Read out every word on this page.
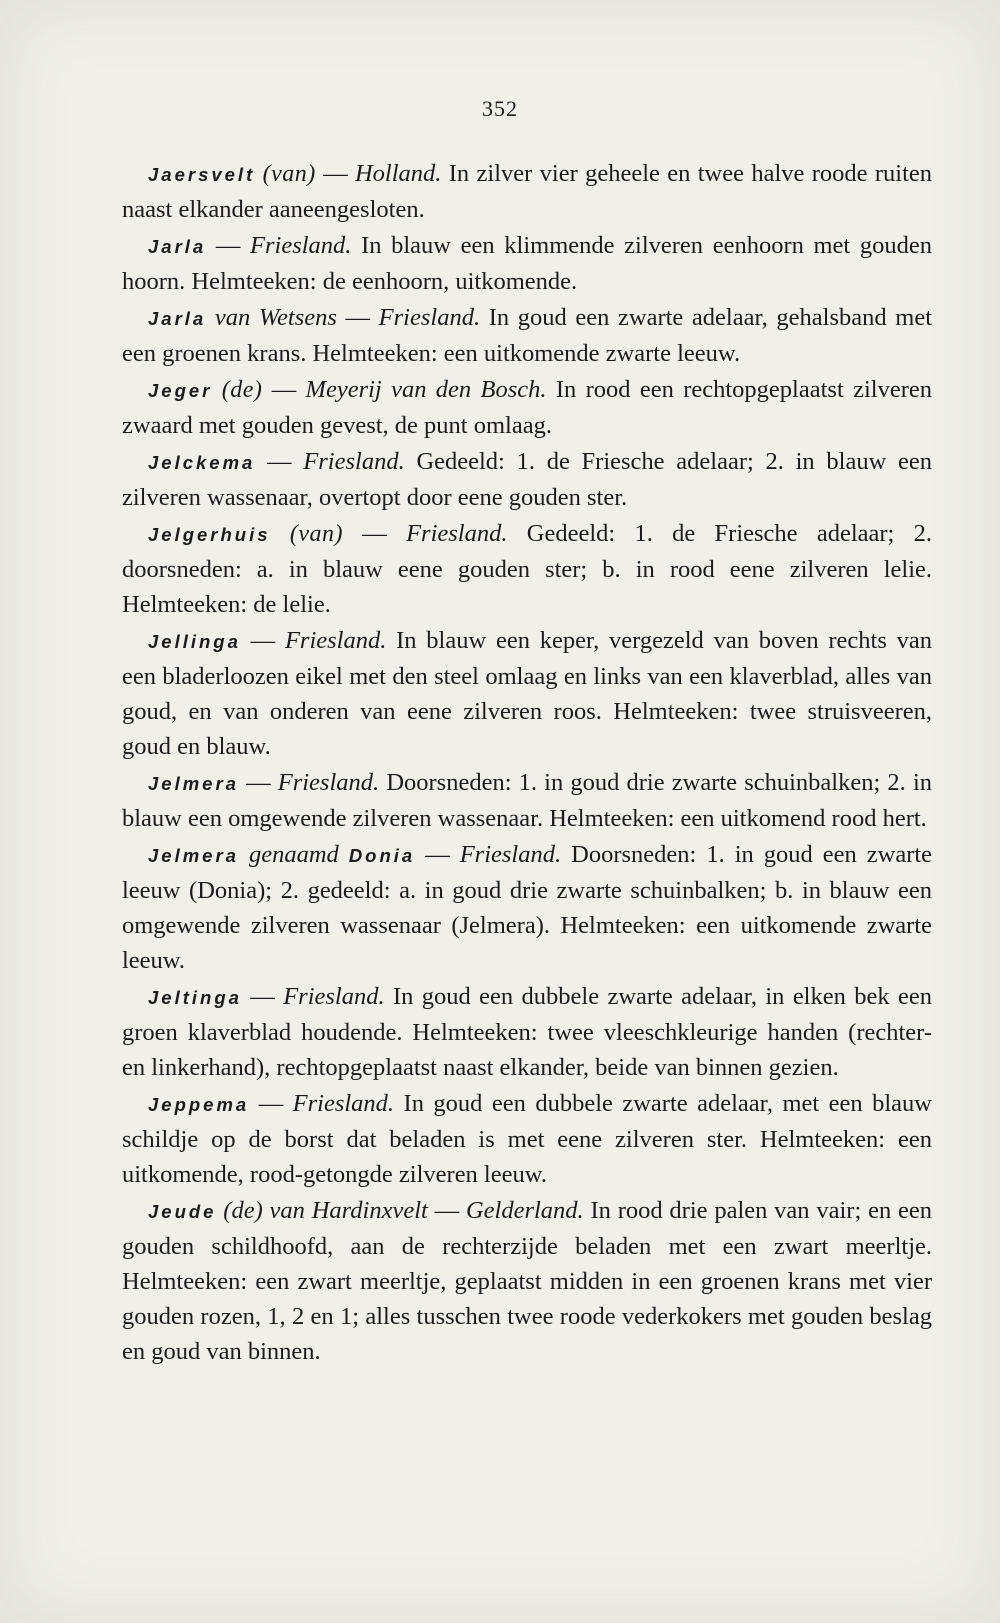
352

Jaersvelt (van) — Holland. In zilver vier geheele en twee halve roode ruiten naast elkander aaneengesloten.

Jarla — Friesland. In blauw een klimmende zilveren eenhoorn met gouden hoorn. Helmteeken: de eenhoorn, uitkomende.

Jarla van Wetsens — Friesland. In goud een zwarte adelaar, gehalsband met een groenen krans. Helmteeken: een uitkomende zwarte leeuw.

Jeger (de) — Meyerij van den Bosch. In rood een rechtopgeplaatst zilveren zwaard met gouden gevest, de punt omlaag.

Jelckema — Friesland. Gedeeld: 1. de Friesche adelaar; 2. in blauw een zilveren wassenaar, overtopt door eene gouden ster.

Jelgerhuis (van) — Friesland. Gedeeld: 1. de Friesche adelaar; 2. doorsneden: a. in blauw eene gouden ster; b. in rood eene zilveren lelie. Helmteeken: de lelie.

Jellinga — Friesland. In blauw een keper, vergezeld van boven rechts van een bladerloozen eikel met den steel omlaag en links van een klaverblad, alles van goud, en van onderen van eene zilveren roos. Helmteeken: twee struisveeren, goud en blauw.

Jelmera — Friesland. Doorsneden: 1. in goud drie zwarte schuinbalken; 2. in blauw een omgewende zilveren wassenaar. Helmteeken: een uitkomend rood hert.

Jelmera genaamd Donia — Friesland. Doorsneden: 1. in goud een zwarte leeuw (Donia); 2. gedeeld: a. in goud drie zwarte schuinbalken; b. in blauw een omgewende zilveren wassenaar (Jelmera). Helmteeken: een uitkomende zwarte leeuw.

Jeltinga — Friesland. In goud een dubbele zwarte adelaar, in elken bek een groen klaverblad houdende. Helmteeken: twee vleeschkleurige handen (rechter- en linkerhand), rechtopgeplaatst naast elkander, beide van binnen gezien.

Jeppema — Friesland. In goud een dubbele zwarte adelaar, met een blauw schildje op de borst dat beladen is met eene zilveren ster. Helmteeken: een uitkomende, rood-getongde zilveren leeuw.

Jeude (de) van Hardinxvelt — Gelderland. In rood drie palen van vair; en een gouden schildhoofd, aan de rechterzijde beladen met een zwart meerltje. Helmteeken: een zwart meerltje, geplaatst midden in een groenen krans met vier gouden rozen, 1, 2 en 1; alles tusschen twee roode vederkokers met gouden beslag en goud van binnen.
